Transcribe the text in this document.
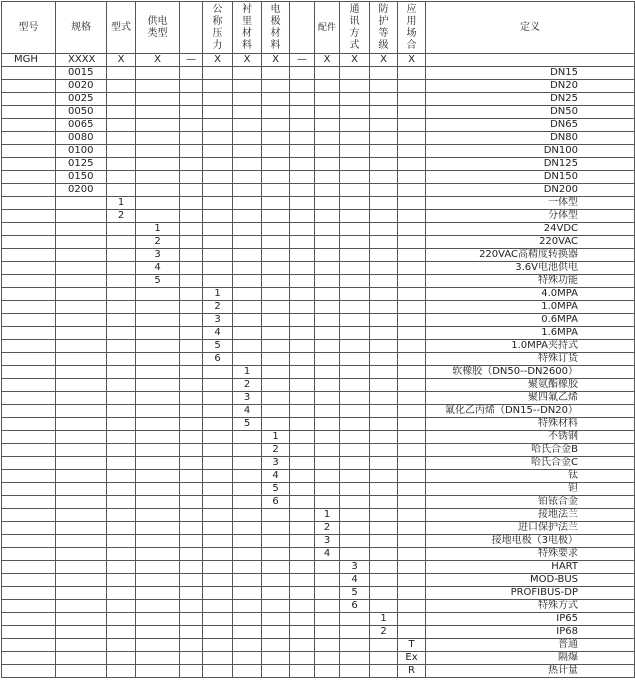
型号	规格	型式	供电类型		公称压力	衬里材料	电极材料		配件	通讯方式	防护等级	应用场合	定义
MGH	XXXX	X	X	—	X	X	X	—	X	X	X	X	
	0015												DN15
	0020												DN20
	0025												DN25
	0050												DN50
	0065												DN65
	0080												DN80
	0100												DN100
	0125												DN125
	0150												DN150
	0200												DN200
		1											一体型
		2											分体型
			1										24VDC
			2										220VAC
			3										220VAC高精度转换器
			4										3.6V电池供电
			5										特殊功能
					1								4.0MPA
					2								1.0MPA
					3								0.6MPA
					4								1.6MPA
					5								1.0MPA夹持式
					6								特殊订货
						1							软橡胶（DN50--DN2600）
						2							聚氨酯橡胶
						3							聚四氟乙烯
						4							氟化乙丙烯（DN15--DN20）
						5							特殊材料
							1						不锈钢
							2						哈氏合金B
							3						哈氏合金C
							4						钛
							5						钽
							6						铂铱合金
									1				接地法兰
									2				进口保护法兰
									3				接地电极（3电极）
									4				特殊要求
										3			HART
										4			MOD-BUS
										5			PROFIBUS-DP
										6			特殊方式
											1		IP65
											2		IP68
												T	普通
												Ex	隔爆
												R	热计量
